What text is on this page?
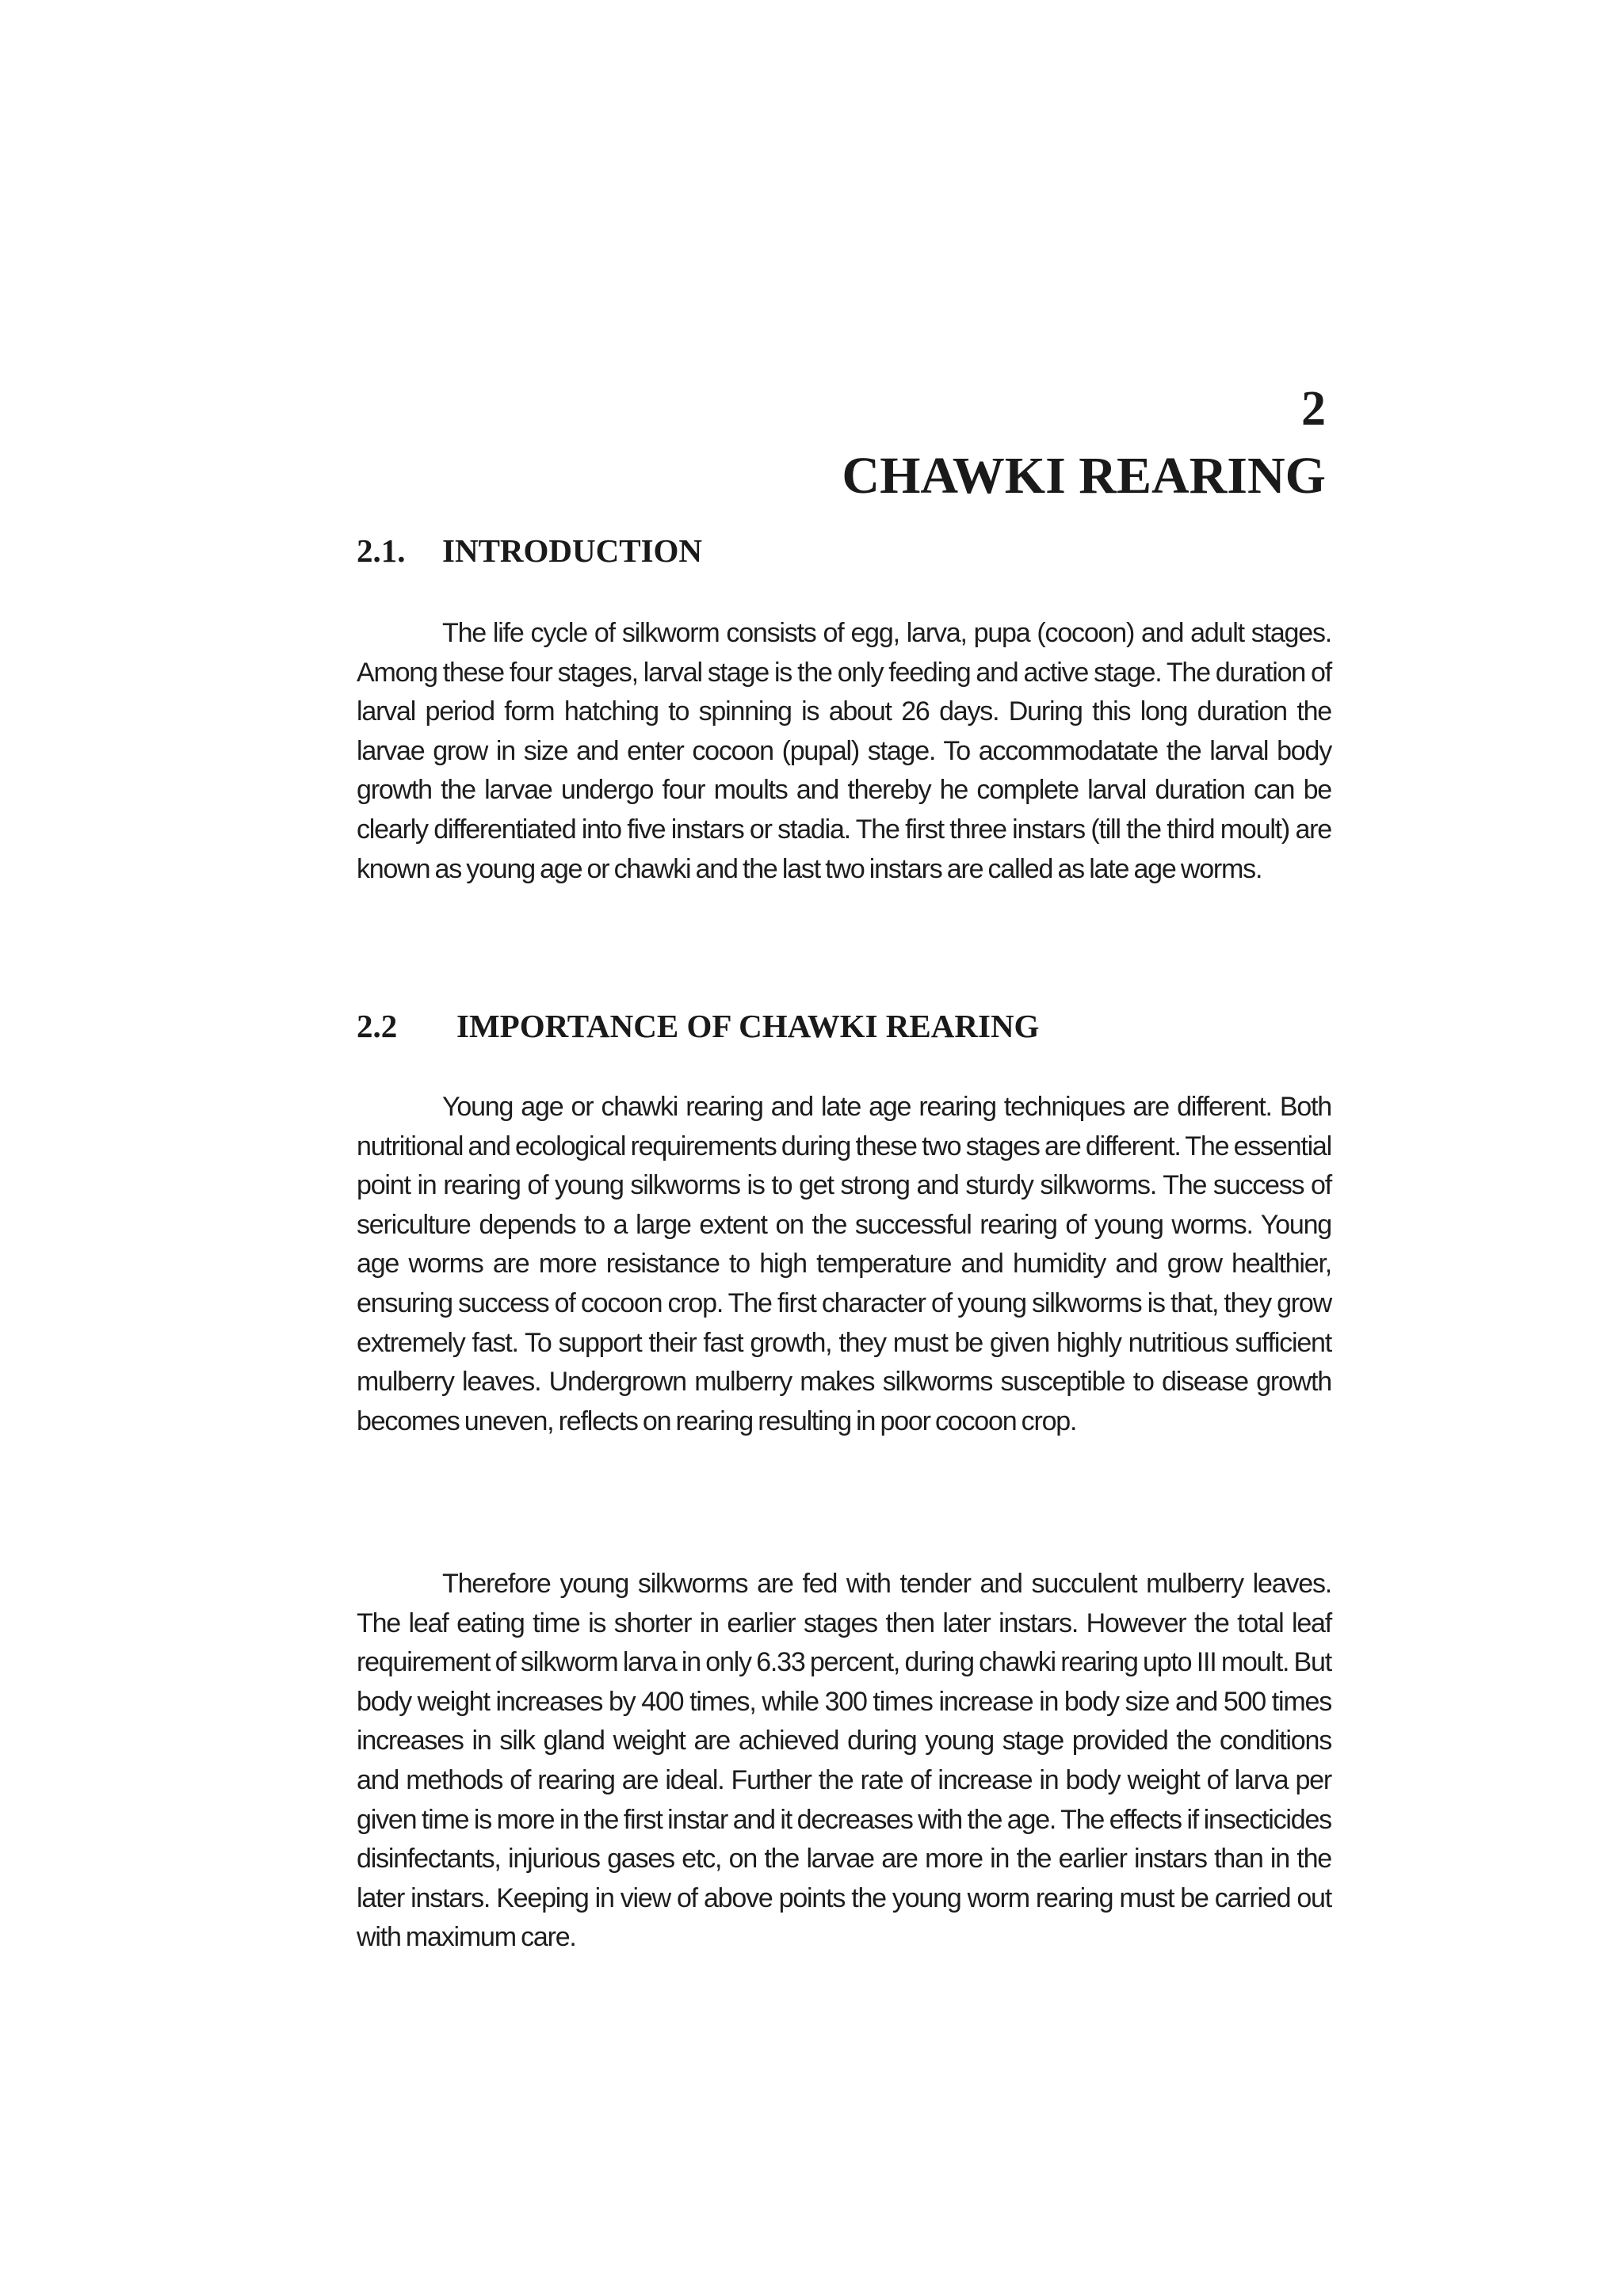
2
CHAWKI REARING
2.1. INTRODUCTION

The life cycle of silkworm consists of egg, larva, pupa (cocoon) and adult stages. Among these four stages, larval stage is the only feeding and active stage. The duration of larval period form hatching to spinning is about 26 days. During this long duration the larvae grow in size and enter cocoon (pupal) stage. To accommodatate the larval body growth the larvae undergo four moults and thereby he complete larval duration can be clearly differentiated into five instars or stadia. The first three instars (till the third moult) are known as young age or chawki and the last two instars are called as late age worms.

2.2 IMPORTANCE OF CHAWKI REARING

Young age or chawki rearing and late age rearing techniques are different. Both nutritional and ecological requirements during these two stages are different. The essential point in rearing of young silkworms is to get strong and sturdy silkworms. The success of sericulture depends to a large extent on the successful rearing of young worms. Young age worms are more resistance to high temperature and humidity and grow healthier, ensuring success of cocoon crop. The first character of young silkworms is that, they grow extremely fast. To support their fast growth, they must be given highly nutritious sufficient mulberry leaves. Undergrown mulberry makes silkworms susceptible to disease growth becomes uneven, reflects on rearing resulting in poor cocoon crop.

Therefore young silkworms are fed with tender and succulent mulberry leaves. The leaf eating time is shorter in earlier stages then later instars. However the total leaf requirement of silkworm larva in only 6.33 percent, during chawki rearing upto III moult. But body weight increases by 400 times, while 300 times increase in body size and 500 times increases in silk gland weight are achieved during young stage provided the conditions and methods of rearing are ideal. Further the rate of increase in body weight of larva per given time is more in the first instar and it decreases with the age. The effects if insecticides disinfectants, injurious gases etc, on the larvae are more in the earlier instars than in the later instars. Keeping in view of above points the young worm rearing must be carried out with maximum care.
